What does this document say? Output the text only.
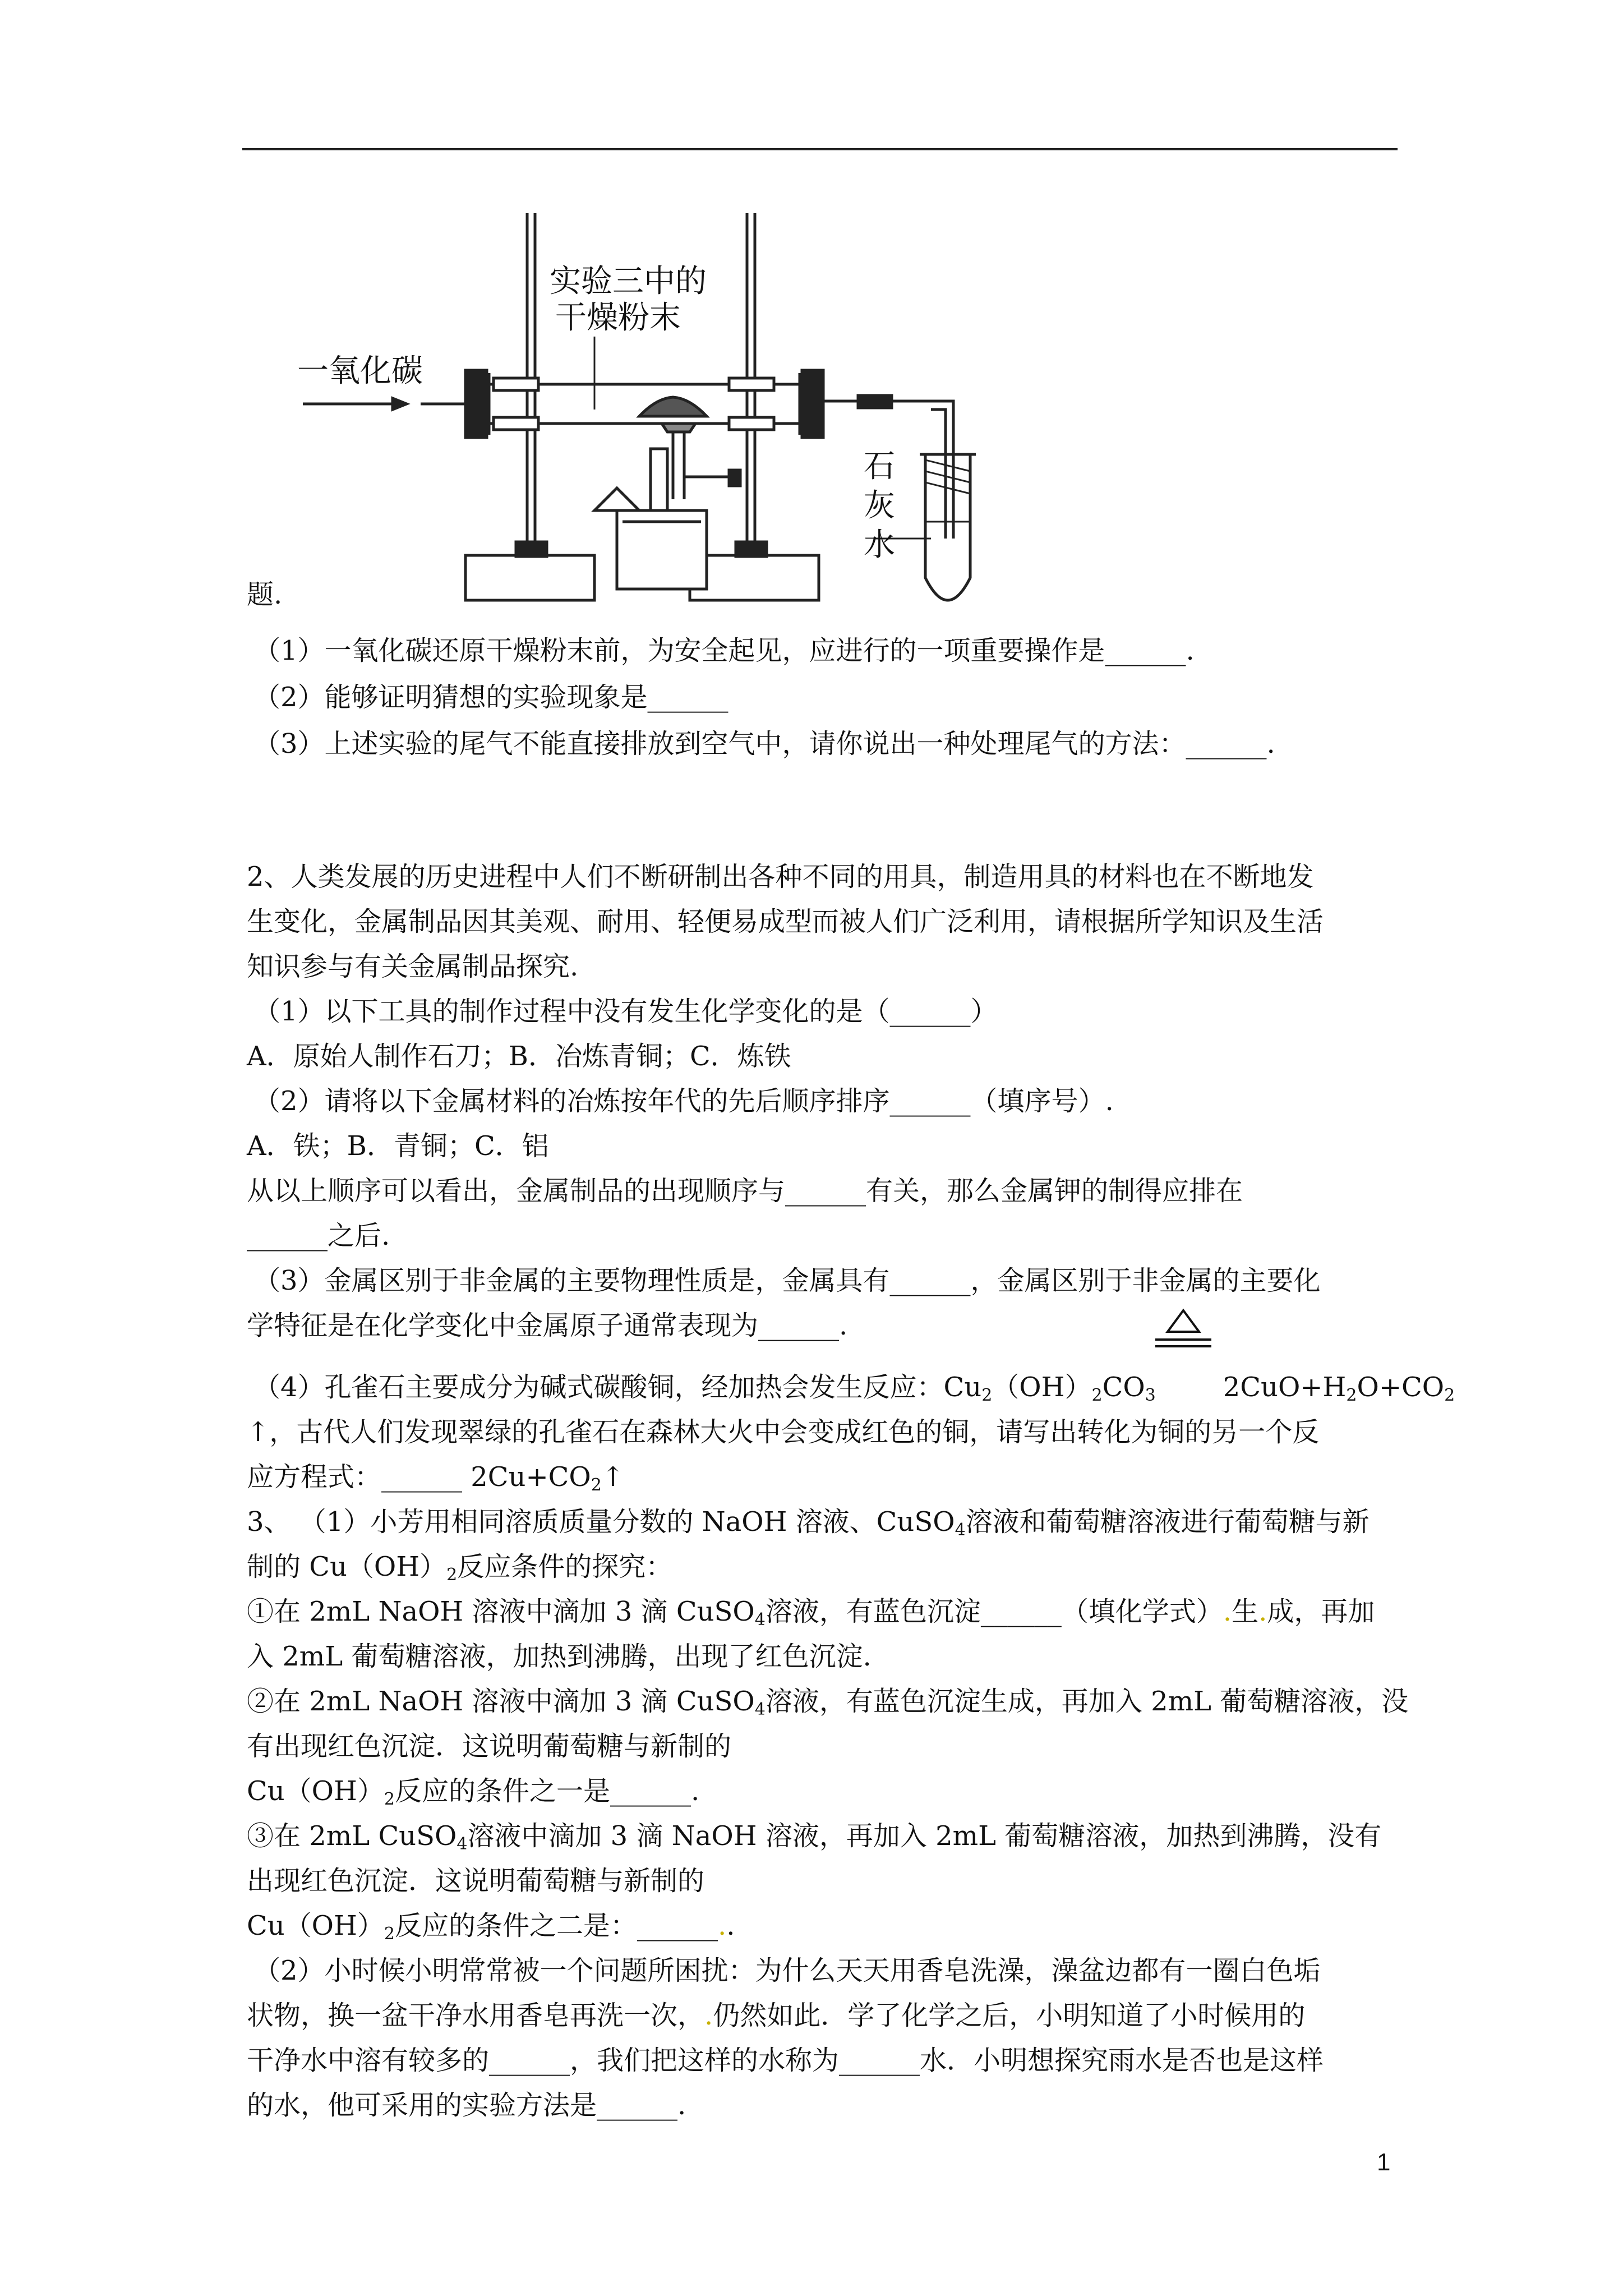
实验三中的
干燥粉末
一氧化碳
石
灰
水
题.
（1）一氧化碳还原干燥粉末前，为安全起见，应进行的一项重要操作是______.
（2）能够证明猜想的实验现象是______
（3）上述实验的尾气不能直接排放到空气中，请你说出一种处理尾气的方法：______.
2、人类发展的历史进程中人们不断研制出各种不同的用具，制造用具的材料也在不断地发
生变化，金属制品因其美观、耐用、轻便易成型而被人们广泛利用，请根据所学知识及生活
知识参与有关金属制品探究.
（1）以下工具的制作过程中没有发生化学变化的是（______）
A．原始人制作石刀；B．冶炼青铜；C．炼铁
（2）请将以下金属材料的冶炼按年代的先后顺序排序______（填序号）.
A．铁；B．青铜；C．铝
从以上顺序可以看出，金属制品的出现顺序与______有关，那么金属钾的制得应排在
______之后.
（3）金属区别于非金属的主要物理性质是，金属具有______，金属区别于非金属的主要化
学特征是在化学变化中金属原子通常表现为______.
（4）孔雀石主要成分为碱式碳酸铜，经加热会发生反应：$Cu_2(OH)_2CO_3$	$2CuO+H_2O+CO_2$
↑，古代人们发现翠绿的孔雀石在森林大火中会变成红色的铜，请写出转化为铜的另一个反
应方程式：______ $2Cu+CO_2↑$
3、 （1）小芳用相同溶质质量分数的 NaOH 溶液、CuSO$_4$溶液和葡萄糖溶液进行葡萄糖与新
制的 $Cu(OH)_2$反应条件的探究：
①在 2mL NaOH 溶液中滴加 3 滴 CuSO$_4$溶液，有蓝色沉淀______（填化学式）.生.成，再加
入 2mL 葡萄糖溶液，加热到沸腾，出现了红色沉淀.
②在 2mL NaOH 溶液中滴加 3 滴 CuSO$_4$溶液，有蓝色沉淀生成，再加入 2mL 葡萄糖溶液，没
有出现红色沉淀．这说明葡萄糖与新制的
$Cu(OH)_2$反应的条件之一是______.
③在 2mL CuSO$_4$溶液中滴加 3 滴 NaOH 溶液，再加入 2mL 葡萄糖溶液，加热到沸腾，没有
出现红色沉淀．这说明葡萄糖与新制的
$Cu(OH)_2$反应的条件之二是：______..
（2）小时候小明常常被一个问题所困扰：为什么天天用香皂洗澡，澡盆边都有一圈白色垢
状物，换一盆干净水用香皂再洗一次，.仍然如此．学了化学之后，小明知道了小时候用的
干净水中溶有较多的______，我们把这样的水称为______水．小明想探究雨水是否也是这样
的水，他可采用的实验方法是______.
1
